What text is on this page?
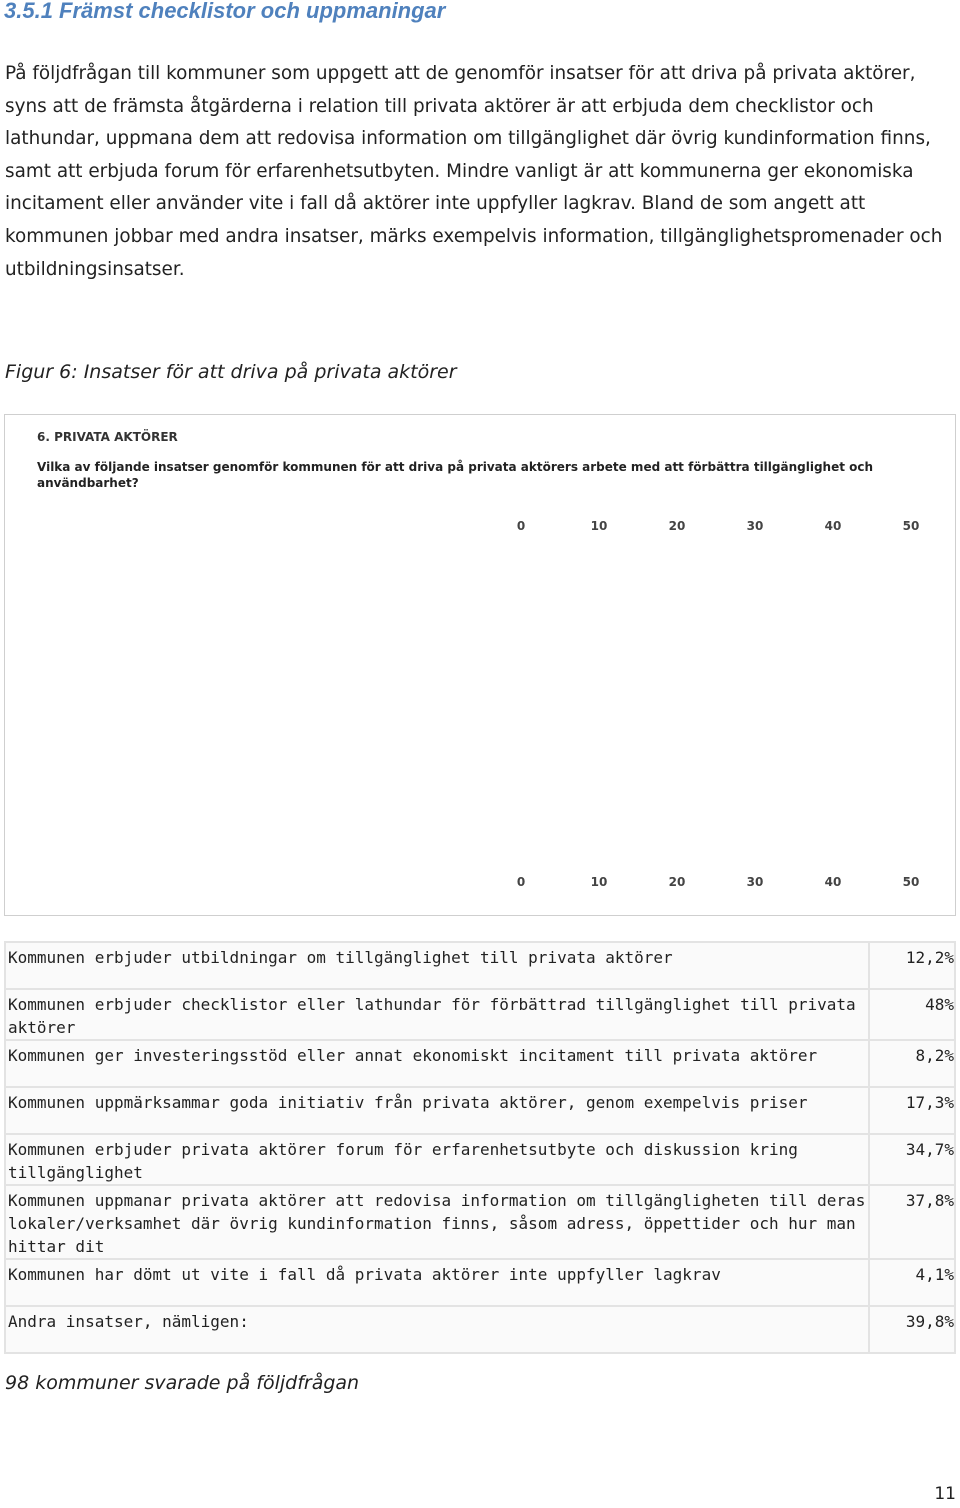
3.5.1 Främst checklistor och uppmaningar

På följdfrågan till kommuner som uppgett att de genomför insatser för att driva på privata aktörer, syns att de främsta åtgärderna i relation till privata aktörer är att erbjuda dem checklistor och lathundar, uppmana dem att redovisa information om tillgänglighet där övrig kundinformation finns, samt att erbjuda forum för erfarenhetsutbyten. Mindre vanligt är att kommunerna ger ekonomiska incitament eller använder vite i fall då aktörer inte uppfyller lagkrav. Bland de som angett att kommunen jobbar med andra insatser, märks exempelvis information, tillgänglighetspromenader och utbildningsinsatser.

Figur 6: Insatser för att driva på privata aktörer

6. PRIVATA AKTÖRER
Vilka av följande insatser genomför kommunen för att driva på privata aktörers arbete med att förbättra tillgänglighet och användbarhet?
0
0
10
10
20
20
30
30
40
40
50
50
Kommunen erbjuder utbildningar om tillgänglighet till privata aktörer	12,2%
Kommunen erbjuder checklistor eller lathundar för förbättrad tillgänglighet till privata aktörer	48%
Kommunen ger investeringsstöd eller annat ekonomiskt incitament till privata aktörer	8,2%
Kommunen uppmärksammar goda initiativ från privata aktörer, genom exempelvis priser	17,3%
Kommunen erbjuder privata aktörer forum för erfarenhetsutbyte och diskussion kring tillgänglighet	34,7%
Kommunen uppmanar privata aktörer att redovisa information om tillgängligheten till deras lokaler/verksamhet där övrig kundinformation finns, såsom adress, öppettider och hur man hittar dit	37,8%
Kommunen har dömt ut vite i fall då privata aktörer inte uppfyller lagkrav	4,1%
Andra insatser, nämligen:	39,8%

98 kommuner svarade på följdfrågan

11
